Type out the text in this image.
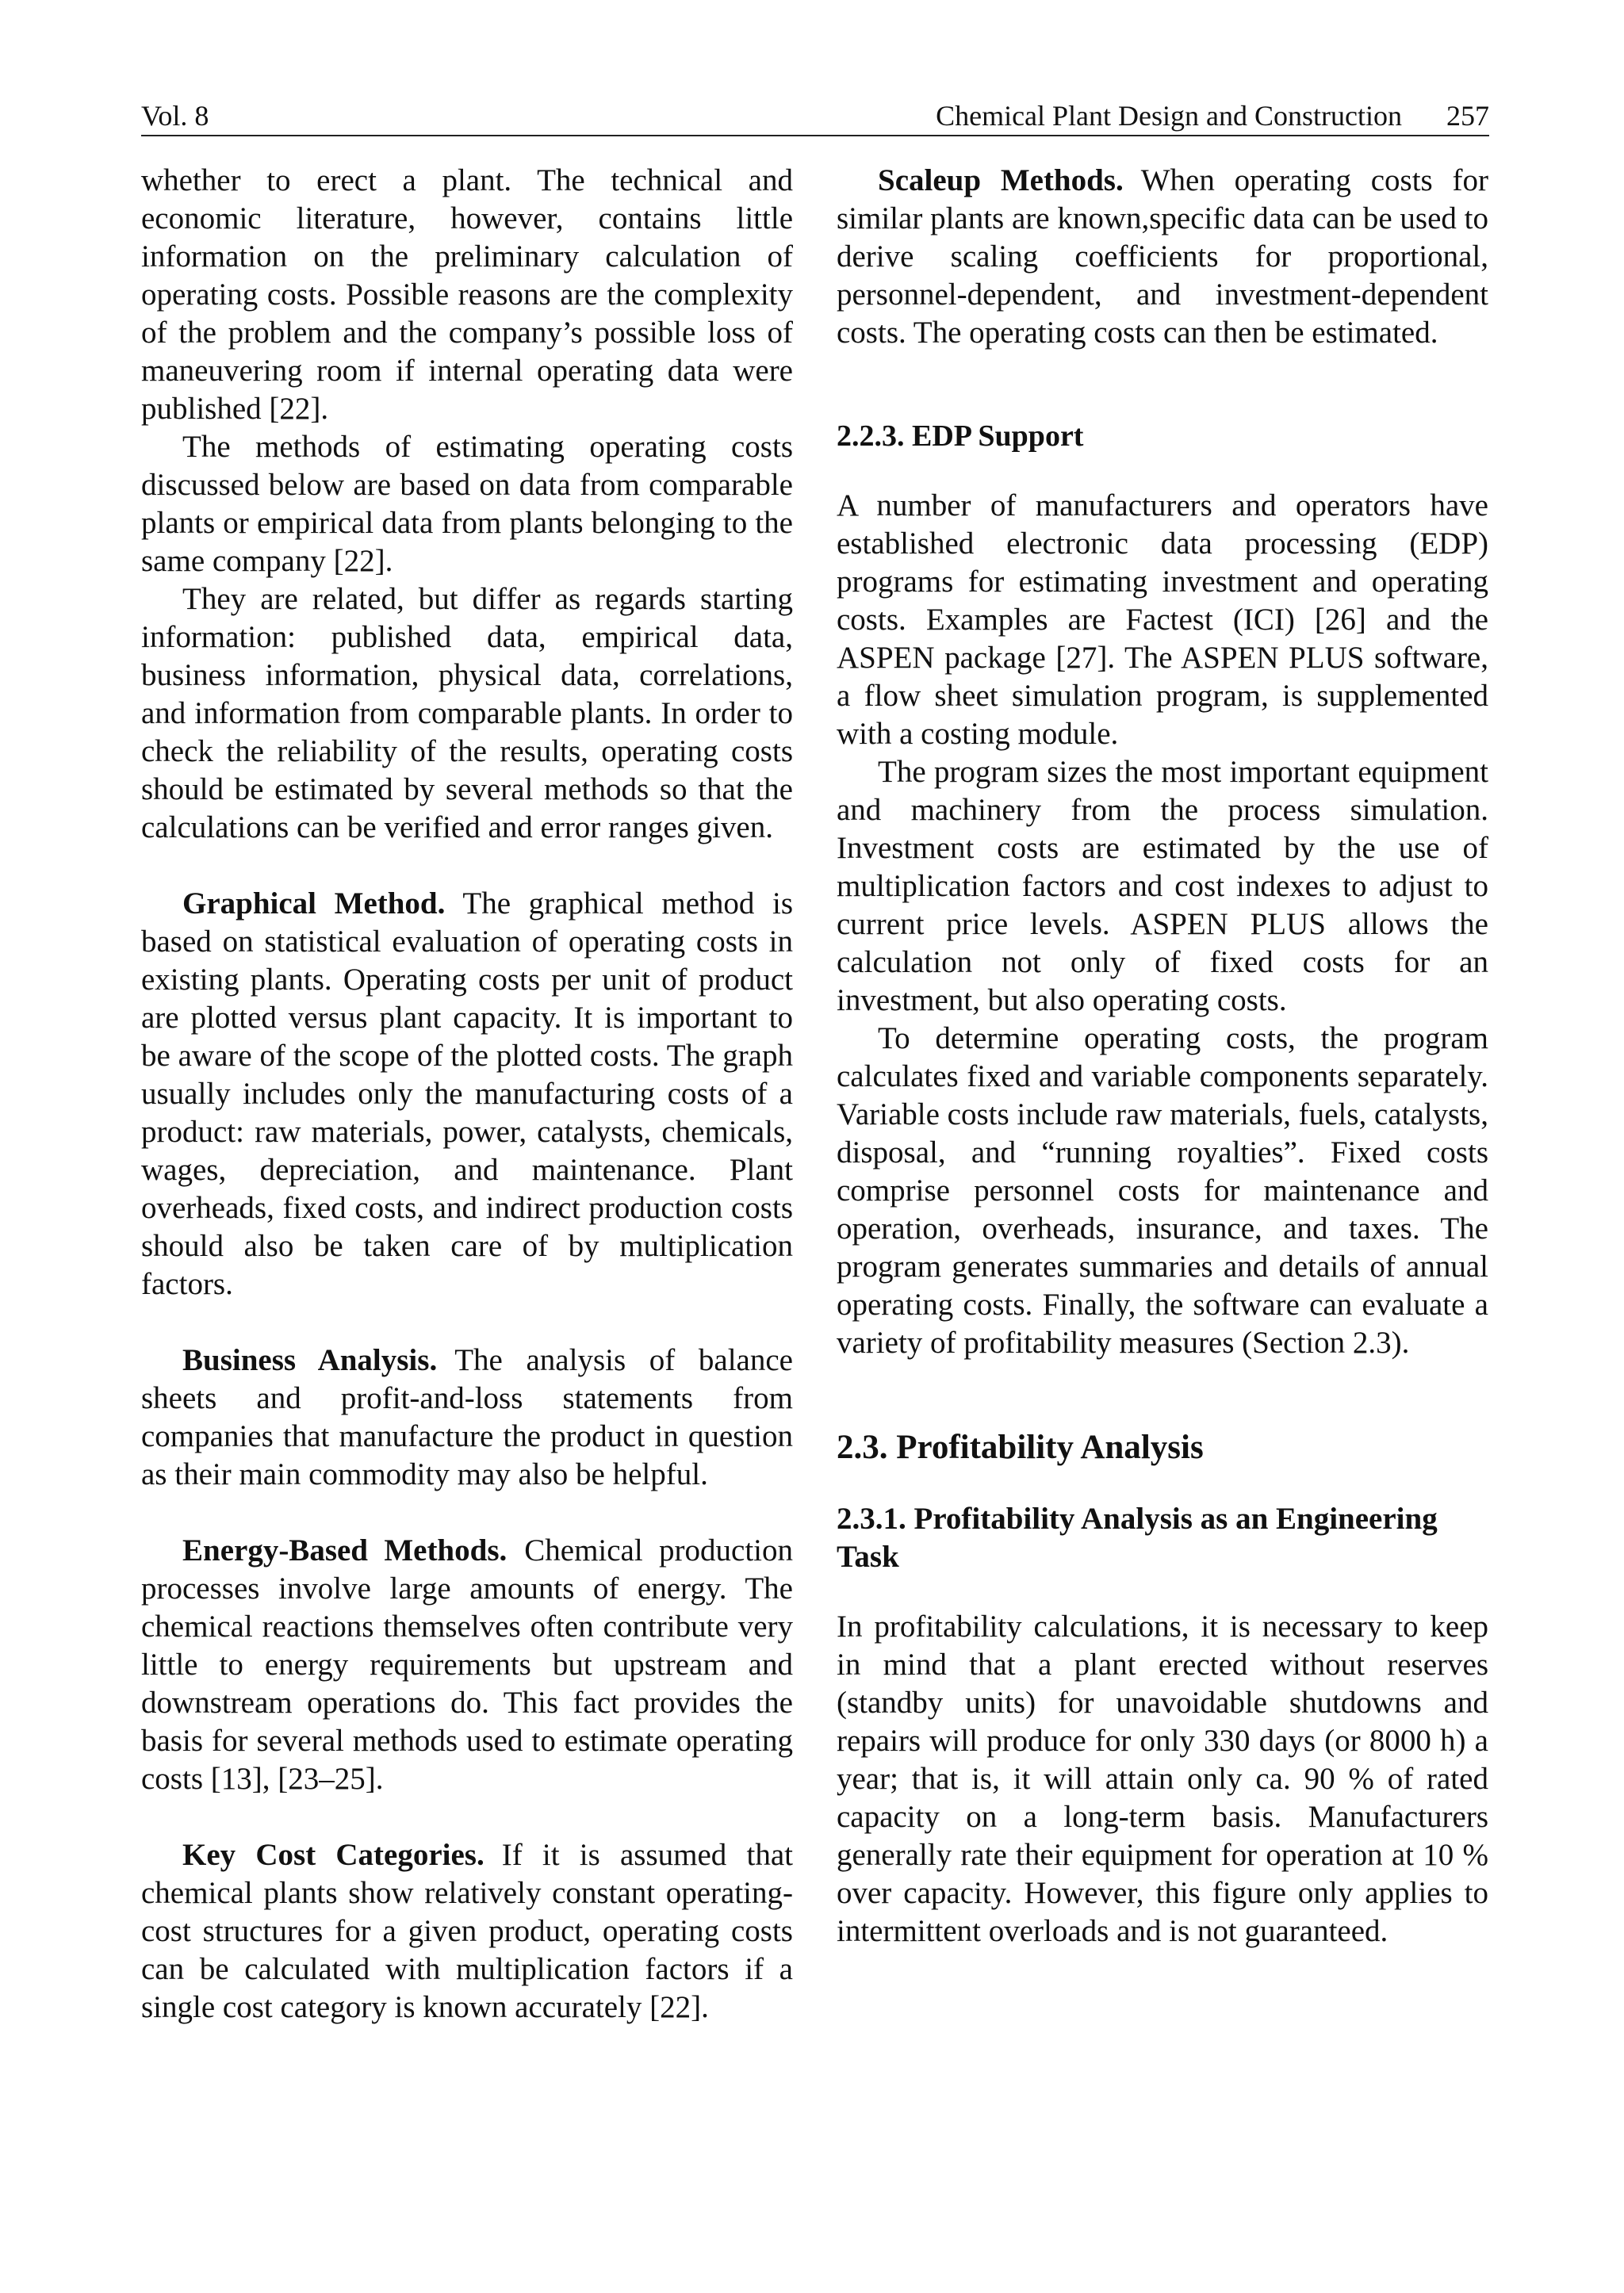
Vol. 8	Chemical Plant Design and Construction 257

whether to erect a plant. The technical and economic literature, however, contains little information on the preliminary calculation of operating costs. Possible reasons are the complexity of the problem and the company’s possible loss of maneuvering room if internal operating data were published [22].

The methods of estimating operating costs discussed below are based on data from comparable plants or empirical data from plants belonging to the same company [22].

They are related, but differ as regards starting information: published data, empirical data, business information, physical data, correlations, and information from comparable plants. In order to check the reliability of the results, operating costs should be estimated by several methods so that the calculations can be verified and error ranges given.

Graphical Method. The graphical method is based on statistical evaluation of operating costs in existing plants. Operating costs per unit of product are plotted versus plant capacity. It is important to be aware of the scope of the plotted costs. The graph usually includes only the manufacturing costs of a product: raw materials, power, catalysts, chemicals, wages, depreciation, and maintenance. Plant overheads, fixed costs, and indirect production costs should also be taken care of by multiplication factors.

Business Analysis. The analysis of balance sheets and profit-and-loss statements from companies that manufacture the product in question as their main commodity may also be helpful.

Energy-Based Methods. Chemical production processes involve large amounts of energy. The chemical reactions themselves often contribute very little to energy requirements but upstream and downstream operations do. This fact provides the basis for several methods used to estimate operating costs [13], [23–25].

Key Cost Categories. If it is assumed that chemical plants show relatively constant operating- cost structures for a given product, operating costs can be calculated with multiplication factors if a single cost category is known accurately [22].

Scaleup Methods. When operating costs for similar plants are known,specific data can be used to derive scaling coefficients for proportional, personnel-dependent, and investment-dependent costs. The operating costs can then be estimated.

2.2.3. EDP Support

A number of manufacturers and operators have established electronic data processing (EDP) programs for estimating investment and operating costs. Examples are Factest (ICI) [26] and the ASPEN package [27]. The ASPEN PLUS software, a flow sheet simulation program, is supplemented with a costing module.

The program sizes the most important equipment and machinery from the process simulation. Investment costs are estimated by the use of multiplication factors and cost indexes to adjust to current price levels. ASPEN PLUS allows the calculation not only of fixed costs for an investment, but also operating costs.

To determine operating costs, the program calculates fixed and variable components separately. Variable costs include raw materials, fuels, catalysts, disposal, and “running royalties”. Fixed costs comprise personnel costs for maintenance and operation, overheads, insurance, and taxes. The program generates summaries and details of annual operating costs. Finally, the software can evaluate a variety of profitability measures (Section 2.3).

2.3. Profitability Analysis
2.3.1. Profitability Analysis as an Engineering Task

In profitability calculations, it is necessary to keep in mind that a plant erected without reserves (standby units) for unavoidable shutdowns and repairs will produce for only 330 days (or 8000 h) a year; that is, it will attain only ca. 90 % of rated capacity on a long-term basis. Manufacturers generally rate their equipment for operation at 10 % over capacity. However, this figure only applies to intermittent overloads and is not guaranteed.
